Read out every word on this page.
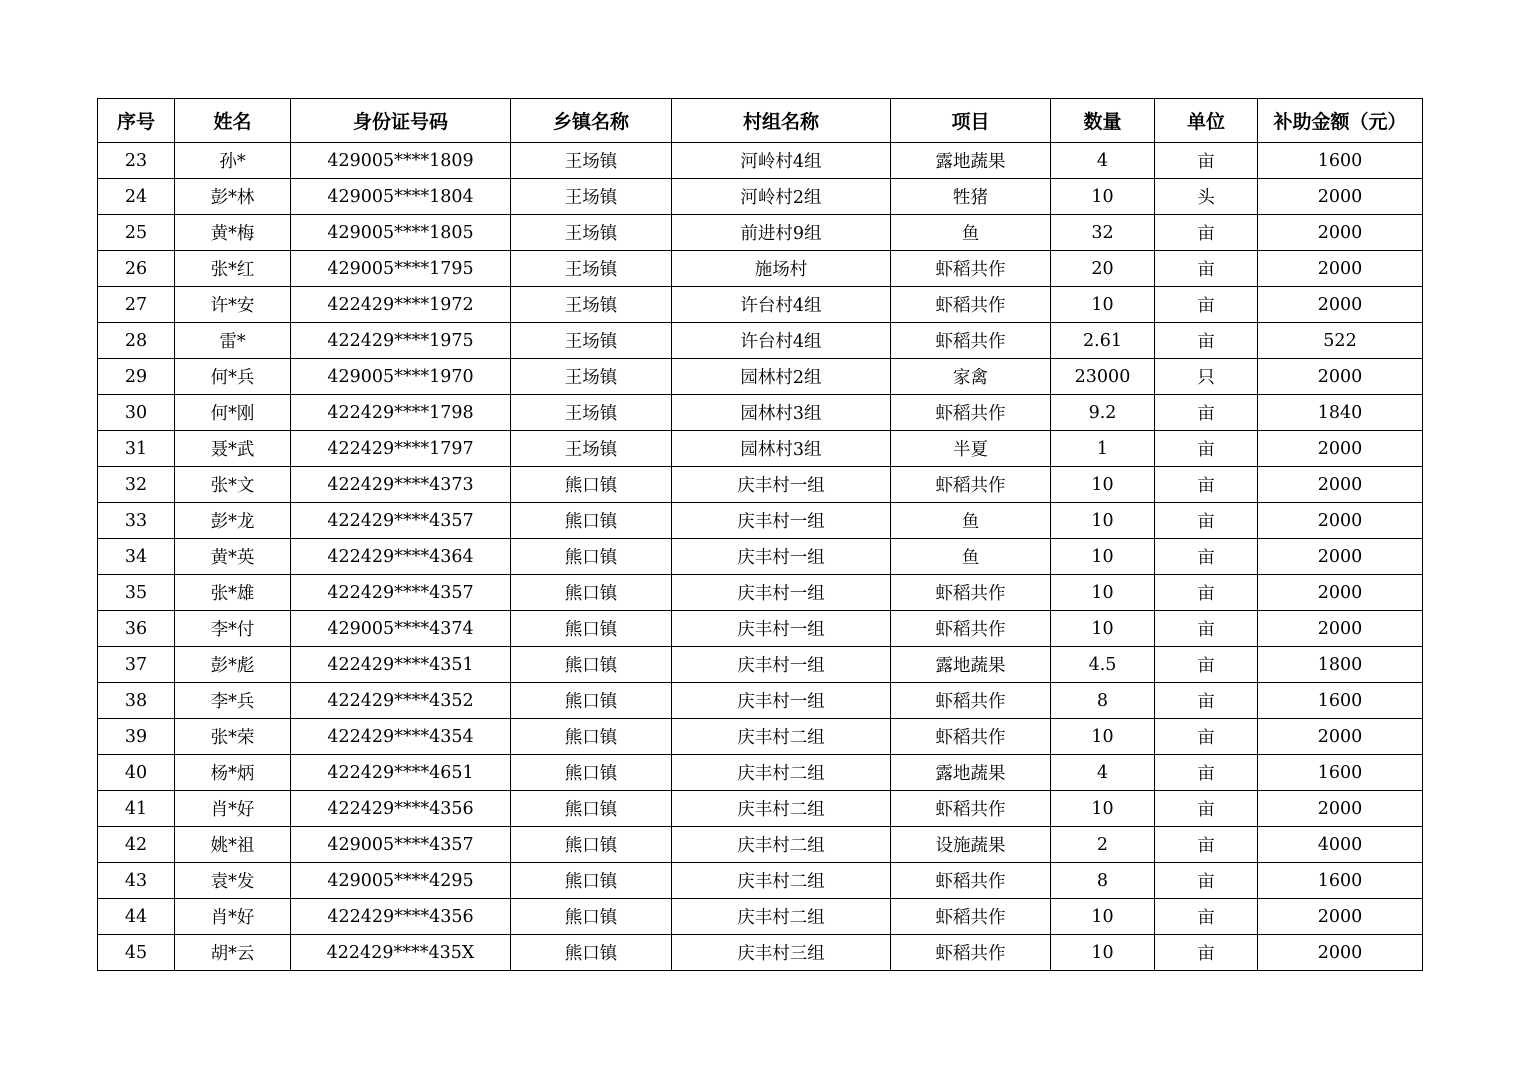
序号	姓名	身份证号码	乡镇名称	村组名称	项目	数量	单位	补助金额（元）
23	孙*	429005****1809	王场镇	河岭村4组	露地蔬果	4	亩	1600
24	彭*林	429005****1804	王场镇	河岭村2组	牲猪	10	头	2000
25	黄*梅	429005****1805	王场镇	前进村9组	鱼	32	亩	2000
26	张*红	429005****1795	王场镇	施场村	虾稻共作	20	亩	2000
27	许*安	422429****1972	王场镇	许台村4组	虾稻共作	10	亩	2000
28	雷*	422429****1975	王场镇	许台村4组	虾稻共作	2.61	亩	522
29	何*兵	429005****1970	王场镇	园林村2组	家禽	23000	只	2000
30	何*刚	422429****1798	王场镇	园林村3组	虾稻共作	9.2	亩	1840
31	聂*武	422429****1797	王场镇	园林村3组	半夏	1	亩	2000
32	张*文	422429****4373	熊口镇	庆丰村一组	虾稻共作	10	亩	2000
33	彭*龙	422429****4357	熊口镇	庆丰村一组	鱼	10	亩	2000
34	黄*英	422429****4364	熊口镇	庆丰村一组	鱼	10	亩	2000
35	张*雄	422429****4357	熊口镇	庆丰村一组	虾稻共作	10	亩	2000
36	李*付	429005****4374	熊口镇	庆丰村一组	虾稻共作	10	亩	2000
37	彭*彪	422429****4351	熊口镇	庆丰村一组	露地蔬果	4.5	亩	1800
38	李*兵	422429****4352	熊口镇	庆丰村一组	虾稻共作	8	亩	1600
39	张*荣	422429****4354	熊口镇	庆丰村二组	虾稻共作	10	亩	2000
40	杨*炳	422429****4651	熊口镇	庆丰村二组	露地蔬果	4	亩	1600
41	肖*好	422429****4356	熊口镇	庆丰村二组	虾稻共作	10	亩	2000
42	姚*祖	429005****4357	熊口镇	庆丰村二组	设施蔬果	2	亩	4000
43	袁*发	429005****4295	熊口镇	庆丰村二组	虾稻共作	8	亩	1600
44	肖*好	422429****4356	熊口镇	庆丰村二组	虾稻共作	10	亩	2000
45	胡*云	422429****435X	熊口镇	庆丰村三组	虾稻共作	10	亩	2000
